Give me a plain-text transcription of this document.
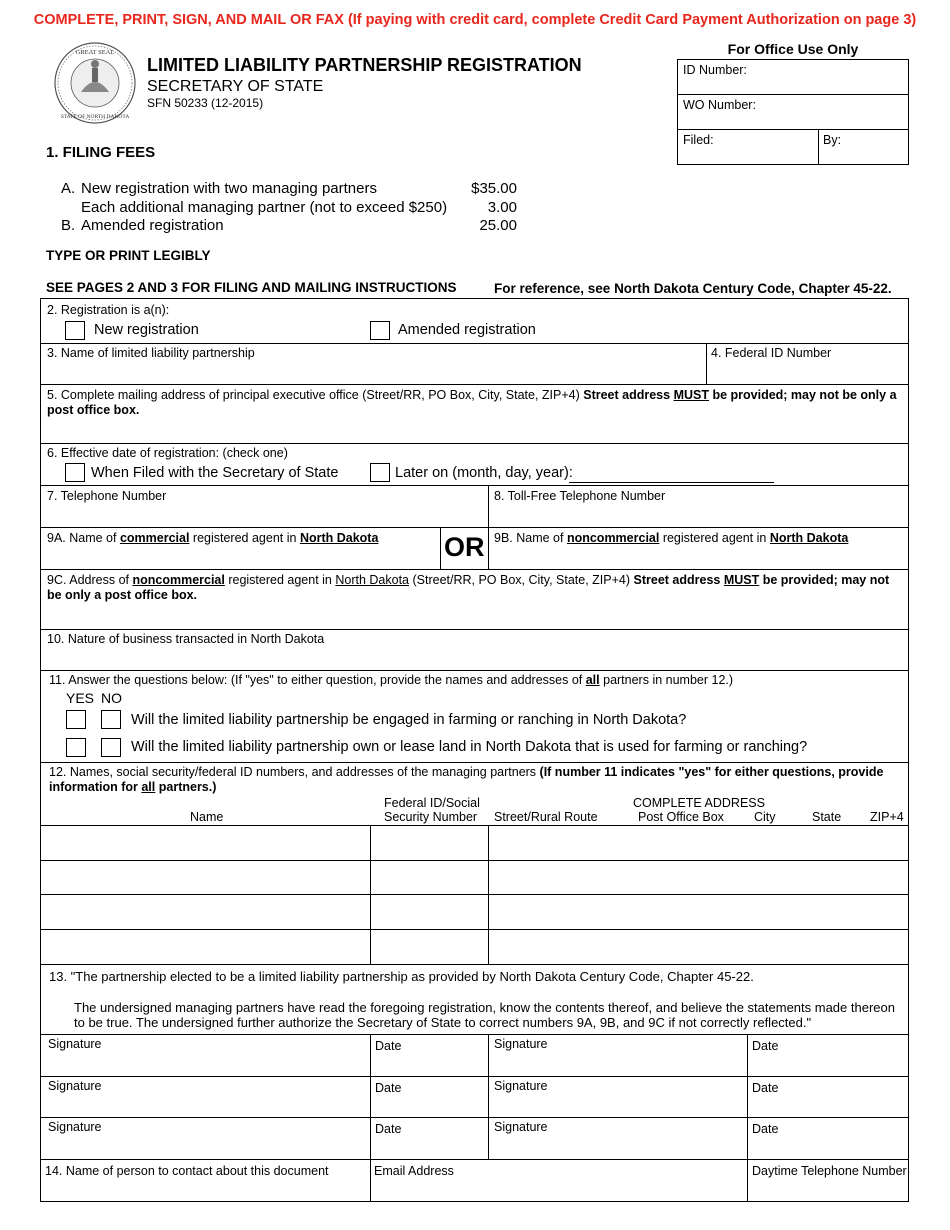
COMPLETE, PRINT, SIGN, AND MAIL OR FAX (If paying with credit card, complete Credit Card Payment Authorization on page 3)
GREAT SEAL
STATE OF NORTH DAKOTA
LIMITED LIABILITY PARTNERSHIP REGISTRATION
SECRETARY OF STATE
SFN 50233 (12-2015)
For Office Use Only
ID Number:
WO Number:
Filed:	By:
1. FILING FEES
A. New registration with two managing partners	$35.00
Each additional managing partner (not to exceed $250)	3.00
B. Amended registration	25.00
TYPE OR PRINT LEGIBLY
SEE PAGES 2 AND 3 FOR FILING AND MAILING INSTRUCTIONS	For reference, see North Dakota Century Code, Chapter 45-22.
2. Registration is a(n):
New registration	Amended registration
3. Name of limited liability partnership	4. Federal ID Number
5. Complete mailing address of principal executive office (Street/RR, PO Box, City, State, ZIP+4) Street address MUST be provided; may not be only a post office box.
6. Effective date of registration: (check one)
When Filed with the Secretary of State	Later on (month, day, year):
7. Telephone Number	8. Toll-Free Telephone Number
9A. Name of commercial registered agent in North Dakota OR 9B. Name of noncommercial registered agent in North Dakota
9C. Address of noncommercial registered agent in North Dakota (Street/RR, PO Box, City, State, ZIP+4) Street address MUST be provided; may not be only a post office box.
10. Nature of business transacted in North Dakota
11. Answer the questions below: (If "yes" to either question, provide the names and addresses of all partners in number 12.)
YES NO
Will the limited liability partnership be engaged in farming or ranching in North Dakota?
Will the limited liability partnership own or lease land in North Dakota that is used for farming or ranching?
12. Names, social security/federal ID numbers, and addresses of the managing partners (If number 11 indicates "yes" for either questions, provide information for all partners.)
Name
Federal ID/Social
Security Number
COMPLETE ADDRESS
Street/Rural Route	Post Office Box City	State ZIP+4
13. "The partnership elected to be a limited liability partnership as provided by North Dakota Century Code, Chapter 45-22.
The undersigned managing partners have read the foregoing registration, know the contents thereof, and believe the statements made thereon to be true. The undersigned further authorize the Secretary of State to correct numbers 9A, 9B, and 9C if not correctly reflected."
Signature	Date	Signature	Date
Signature	Date	Signature	Date
Signature	Date	Signature	Date
14. Name of person to contact about this document	Email Address	Daytime Telephone Number
